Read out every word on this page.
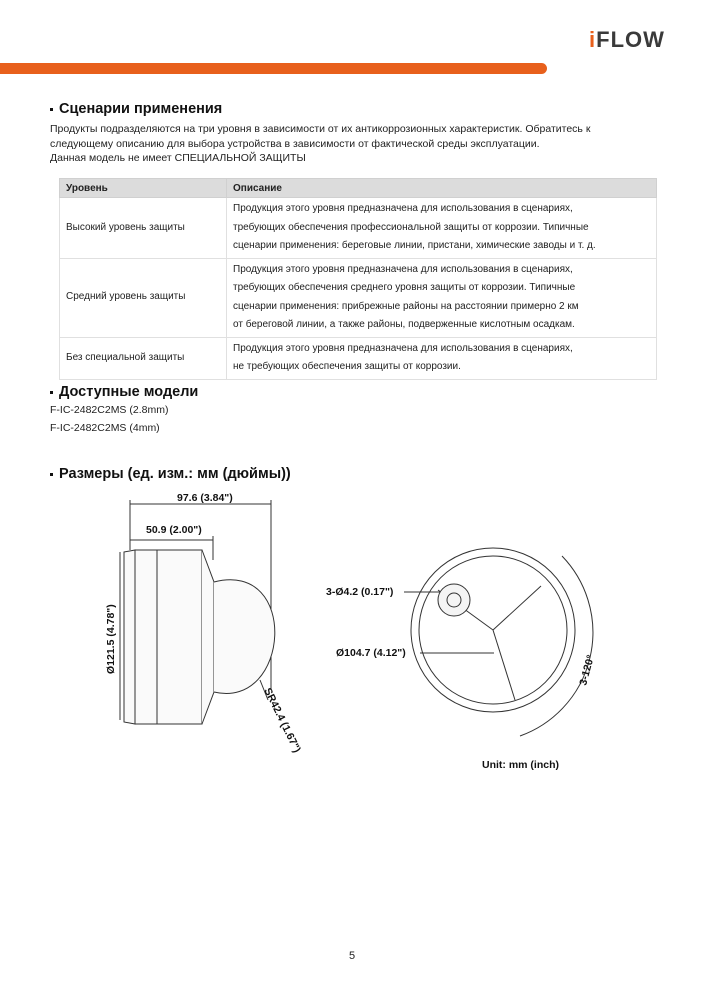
iFLOW
Сценарии применения
Продукты подразделяются на три уровня в зависимости от их антикоррозионных характеристик. Обратитесь к
следующему описанию для выбора устройства в зависимости от фактической среды эксплуатации.
Данная модель не имеет СПЕЦИАЛЬНОЙ ЗАЩИТЫ
Уровень	Описание
Высокий уровень защиты	Продукция этого уровня предназначена для использования в сценариях,
требующих обеспечения профессиональной защиты от коррозии. Типичные
сценарии применения: береговые линии, пристани, химические заводы и т. д.

Средний уровень защиты	Продукция этого уровня предназначена для использования в сценариях,
требующих обеспечения среднего уровня защиты от коррозии. Типичные
сценарии применения: прибрежные районы на расстоянии примерно 2 км
от береговой линии, а также районы, подверженные кислотным осадкам.

Без специальной защиты	Продукция этого уровня предназначена для использования в сценариях,
не требующих обеспечения защиты от коррозии.
Доступные модели
F-IC-2482C2MS (2.8mm)
F-IC-2482C2MS (4mm)
Размеры (ед. изм.: мм (дюймы))
97.6 (3.84")
50.9 (2.00")
Ø121.5 (4.78")
SR42.4 (1.67")
3-Ø4.2 (0.17")
Ø104.7 (4.12")
3-120°
Unit: mm (inch)
5
